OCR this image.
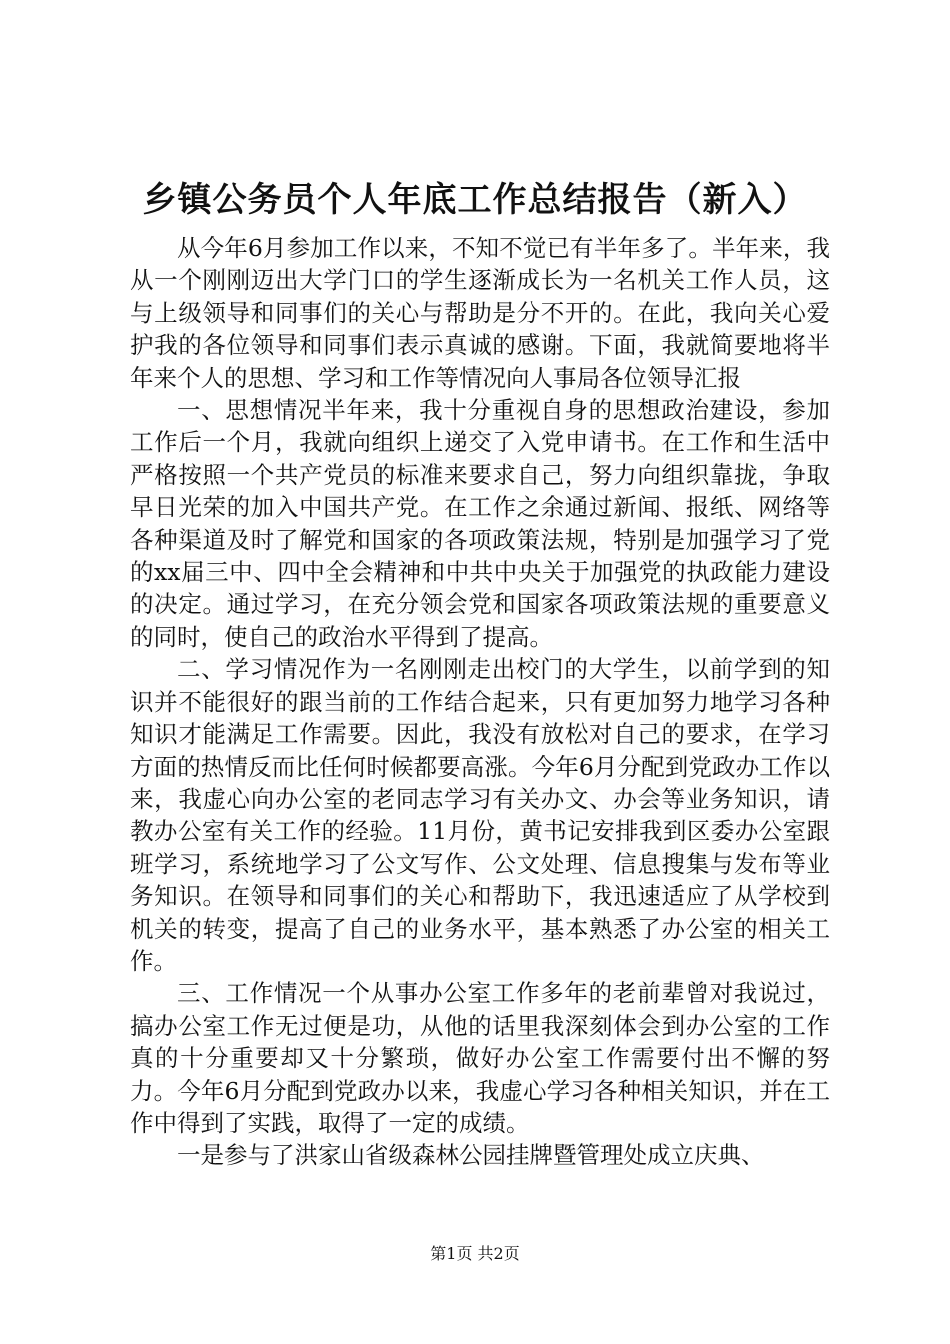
乡镇公务员个人年底工作总结报告（新入）

从今年6月参加工作以来，不知不觉已有半年多了。半年来，我从一个刚刚迈出大学门口的学生逐渐成长为一名机关工作人员，这与上级领导和同事们的关心与帮助是分不开的。在此，我向关心爱护我的各位领导和同事们表示真诚的感谢。下面，我就简要地将半年来个人的思想、学习和工作等情况向人事局各位领导汇报

一、思想情况半年来，我十分重视自身的思想政治建设，参加工作后一个月，我就向组织上递交了入党申请书。在工作和生活中严格按照一个共产党员的标准来要求自己，努力向组织靠拢，争取早日光荣的加入中国共产党。在工作之余通过新闻、报纸、网络等各种渠道及时了解党和国家的各项政策法规，特别是加强学习了党的xx届三中、四中全会精神和中共中央关于加强党的执政能力建设的决定。通过学习，在充分领会党和国家各项政策法规的重要意义的同时，使自己的政治水平得到了提高。

二、学习情况作为一名刚刚走出校门的大学生，以前学到的知识并不能很好的跟当前的工作结合起来，只有更加努力地学习各种知识才能满足工作需要。因此，我没有放松对自己的要求，在学习方面的热情反而比任何时候都要高涨。今年6月分配到党政办工作以来，我虚心向办公室的老同志学习有关办文、办会等业务知识，请教办公室有关工作的经验。11月份，黄书记安排我到区委办公室跟班学习，系统地学习了公文写作、公文处理、信息搜集与发布等业务知识。在领导和同事们的关心和帮助下，我迅速适应了从学校到机关的转变，提高了自己的业务水平，基本熟悉了办公室的相关工作。

三、工作情况一个从事办公室工作多年的老前辈曾对我说过，搞办公室工作无过便是功，从他的话里我深刻体会到办公室的工作真的十分重要却又十分繁琐，做好办公室工作需要付出不懈的努力。今年6月分配到党政办以来，我虚心学习各种相关知识，并在工作中得到了实践，取得了一定的成绩。

一是参与了洪家山省级森林公园挂牌暨管理处成立庆典、

第1页 共2页
